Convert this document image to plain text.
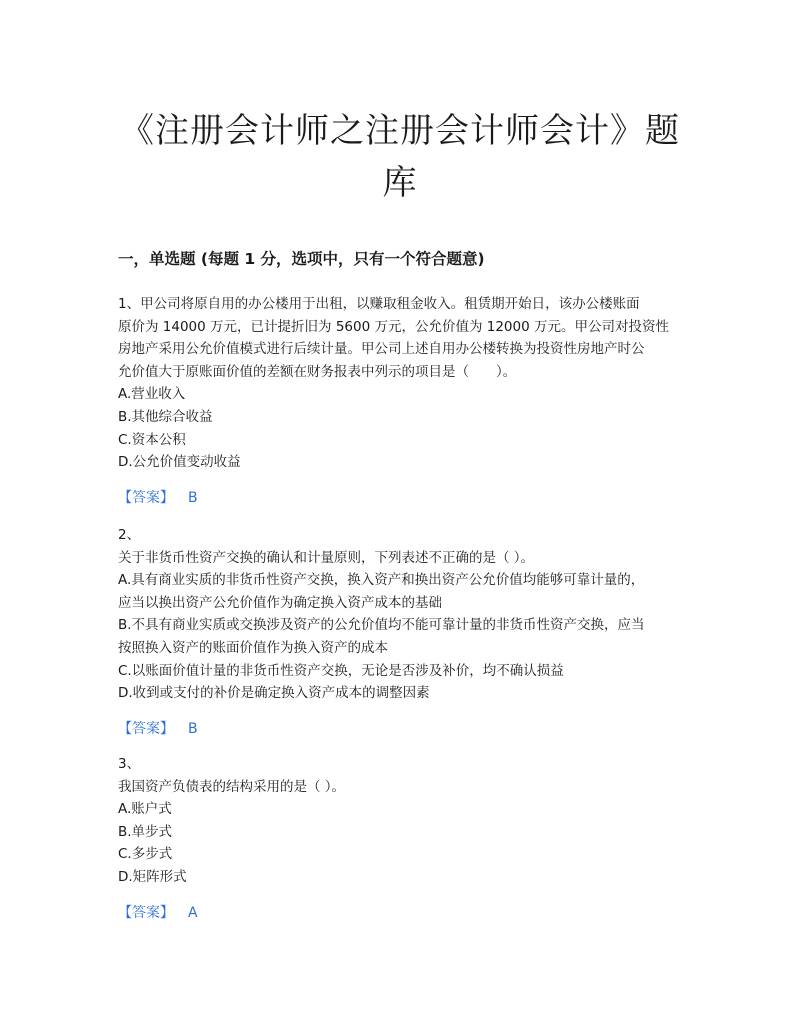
《注册会计师之注册会计师会计》题
库
一，单选题 (每题 1 分，选项中，只有一个符合题意)
1、甲公司将原自用的办公楼用于出租，以赚取租金收入。租赁期开始日，该办公楼账面
原价为 14000 万元，已计提折旧为 5600 万元，公允价值为 12000 万元。甲公司对投资性
房地产采用公允价值模式进行后续计量。甲公司上述自用办公楼转换为投资性房地产时公
允价值大于原账面价值的差额在财务报表中列示的项目是（　　）。
A.营业收入
B.其他综合收益
C.资本公积
D.公允价值变动收益
【答案】 B
2、
关于非货币性资产交换的确认和计量原则，下列表述不正确的是（ ）。
A.具有商业实质的非货币性资产交换，换入资产和换出资产公允价值均能够可靠计量的，
应当以换出资产公允价值作为确定换入资产成本的基础
B.不具有商业实质或交换涉及资产的公允价值均不能可靠计量的非货币性资产交换，应当
按照换入资产的账面价值作为换入资产的成本
C.以账面价值计量的非货币性资产交换，无论是否涉及补价，均不确认损益
D.收到或支付的补价是确定换入资产成本的调整因素
【答案】 B
3、
我国资产负债表的结构采用的是（ ）。
A.账户式
B.单步式
C.多步式
D.矩阵形式
【答案】 A
